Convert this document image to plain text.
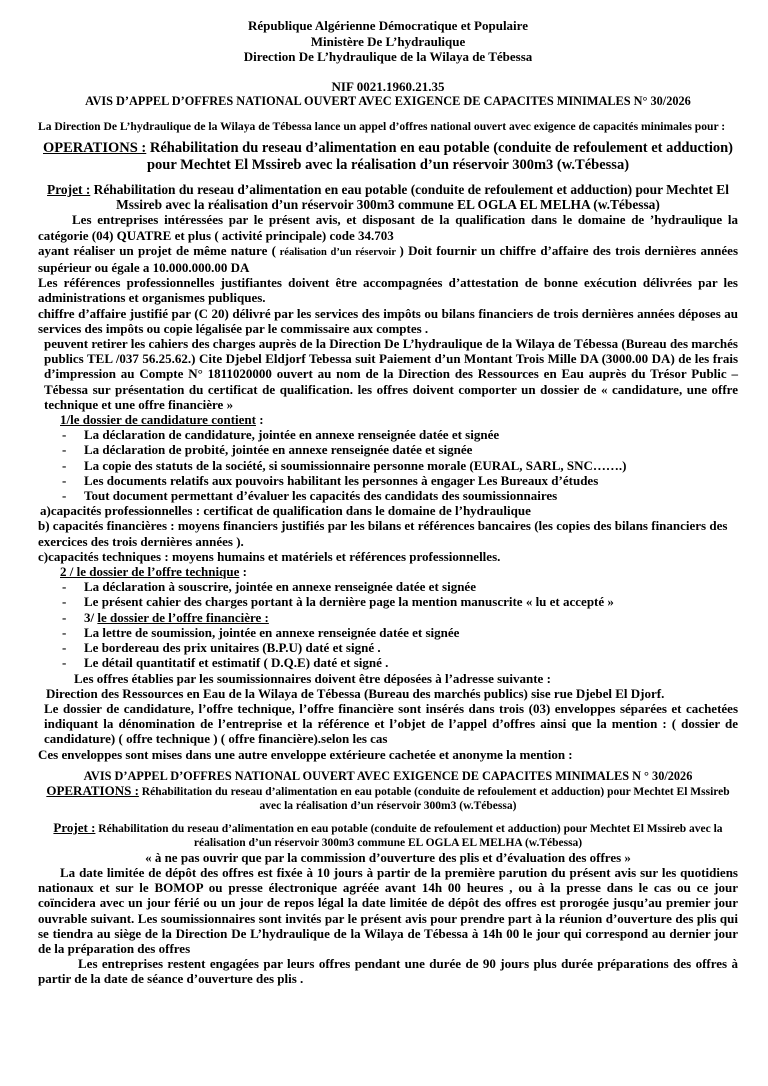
République Algérienne Démocratique et Populaire
Ministère De L’hydraulique
Direction De L’hydraulique de la Wilaya de Tébessa
NIF 0021.1960.21.35
AVIS D’APPEL D’OFFRES NATIONAL OUVERT AVEC EXIGENCE DE CAPACITES MINIMALES N° 30/2026
La Direction De L’hydraulique de la Wilaya de Tébessa lance un appel d’offres national ouvert avec exigence de capacités minimales pour :
OPERATIONS : Réhabilitation du reseau d’alimentation en eau potable (conduite de refoulement et adduction) pour Mechtet El Mssireb avec la réalisation d’un réservoir 300m3 (w.Tébessa)
Projet : Réhabilitation du reseau d’alimentation en eau potable (conduite de refoulement et adduction) pour Mechtet El Mssireb avec la réalisation d’un réservoir 300m3 commune EL OGLA EL MELHA (w.Tébessa)
Les entreprises intéressées par le présent avis, et disposant de la qualification dans le domaine de ’hydraulique la catégorie (04) QUATRE et plus ( activité principale) code 34.703
ayant réaliser un projet de même nature ( réalisation d’un réservoir ) Doit fournir un chiffre d’affaire des trois dernières années supérieur ou égale a 10.000.000.00 DA
Les références professionnelles justifiantes doivent être accompagnées d’attestation de bonne exécution délivrées par les administrations et organismes publiques.
chiffre d’affaire justifié par (C 20) délivré par les services des impôts ou bilans financiers de trois dernières années déposes au services des impôts ou copie légalisée par le commissaire aux comptes .
peuvent retirer les cahiers des charges auprès de la Direction De L’hydraulique de la Wilaya de Tébessa (Bureau des marchés publics TEL /037 56.25.62.) Cite Djebel Eldjorf Tebessa suit Paiement d’un Montant Trois Mille DA (3000.00 DA) de les frais d’impression au Compte N° 1811020000 ouvert au nom de la Direction des Ressources en Eau auprès du Trésor Public –Tébessa sur présentation du certificat de qualification. les offres doivent comporter un dossier de « candidature, une offre technique et une offre financière »
1/le dossier de candidature contient :
- La déclaration de candidature, jointée en annexe renseignée datée et signée
- La déclaration de probité, jointée en annexe renseignée datée et signée
- La copie des statuts de la société, si soumissionnaire personne morale (EURAL, SARL, SNC…….)
- Les documents relatifs aux pouvoirs habilitant les personnes à engager Les Bureaux d’études
- Tout document permettant d’évaluer les capacités des candidats des soumissionnaires
a)capacités professionnelles : certificat de qualification dans le domaine de l’hydraulique
b) capacités financières : moyens financiers justifiés par les bilans et références bancaires (les copies des bilans financiers des exercices des trois dernières années ).
c)capacités techniques : moyens humains et matériels et références professionnelles.
2 / le dossier de l’offre technique :
- La déclaration à souscrire, jointée en annexe renseignée datée et signée
- Le présent cahier des charges portant à la dernière page la mention manuscrite « lu et accepté »
- 3/ le dossier de l’offre financière :
- La lettre de soumission, jointée en annexe renseignée datée et signée
- Le bordereau des prix unitaires (B.P.U) daté et signé .
- Le détail quantitatif et estimatif ( D.Q.E) daté et signé .
Les offres établies par les soumissionnaires doivent être déposées à l’adresse suivante :
Direction des Ressources en Eau de la Wilaya de Tébessa (Bureau des marchés publics) sise rue Djebel El Djorf.
Le dossier de candidature, l’offre technique, l’offre financière sont insérés dans trois (03) enveloppes séparées et cachetées indiquant la dénomination de l’entreprise et la référence et l’objet de l’appel d’offres ainsi que la mention : ( dossier de candidature) ( offre technique ) ( offre financière).selon les cas
Ces enveloppes sont mises dans une autre enveloppe extérieure cachetée et anonyme la mention :
AVIS D’APPEL D’OFFRES NATIONAL OUVERT AVEC EXIGENCE DE CAPACITES MINIMALES N ° 30/2026
OPERATIONS : Réhabilitation du reseau d’alimentation en eau potable (conduite de refoulement et adduction) pour Mechtet El Mssireb avec la réalisation d’un réservoir 300m3 (w.Tébessa)
Projet : Réhabilitation du reseau d’alimentation en eau potable (conduite de refoulement et adduction) pour Mechtet El Mssireb avec la réalisation d’un réservoir 300m3 commune EL OGLA EL MELHA (w.Tébessa)
« à ne pas ouvrir que par la commission d’ouverture des plis et d’évaluation des offres »
La date limitée de dépôt des offres est fixée à 10 jours à partir de la première parution du présent avis sur les quotidiens nationaux et sur le BOMOP ou presse électronique agréée avant 14h 00 heures , ou à la presse dans le cas ou ce jour coïncidera avec un jour férié ou un jour de repos légal la date limitée de dépôt des offres est prorogée jusqu’au premier jour ouvrable suivant. Les soumissionnaires sont invités par le présent avis pour prendre part à la réunion d’ouverture des plis qui se tiendra au siège de la Direction De L’hydraulique de la Wilaya de Tébessa à 14h 00 le jour qui correspond au dernier jour de la préparation des offres
Les entreprises restent engagées par leurs offres pendant une durée de 90 jours plus durée préparations des offres à partir de la date de séance d’ouverture des plis .
